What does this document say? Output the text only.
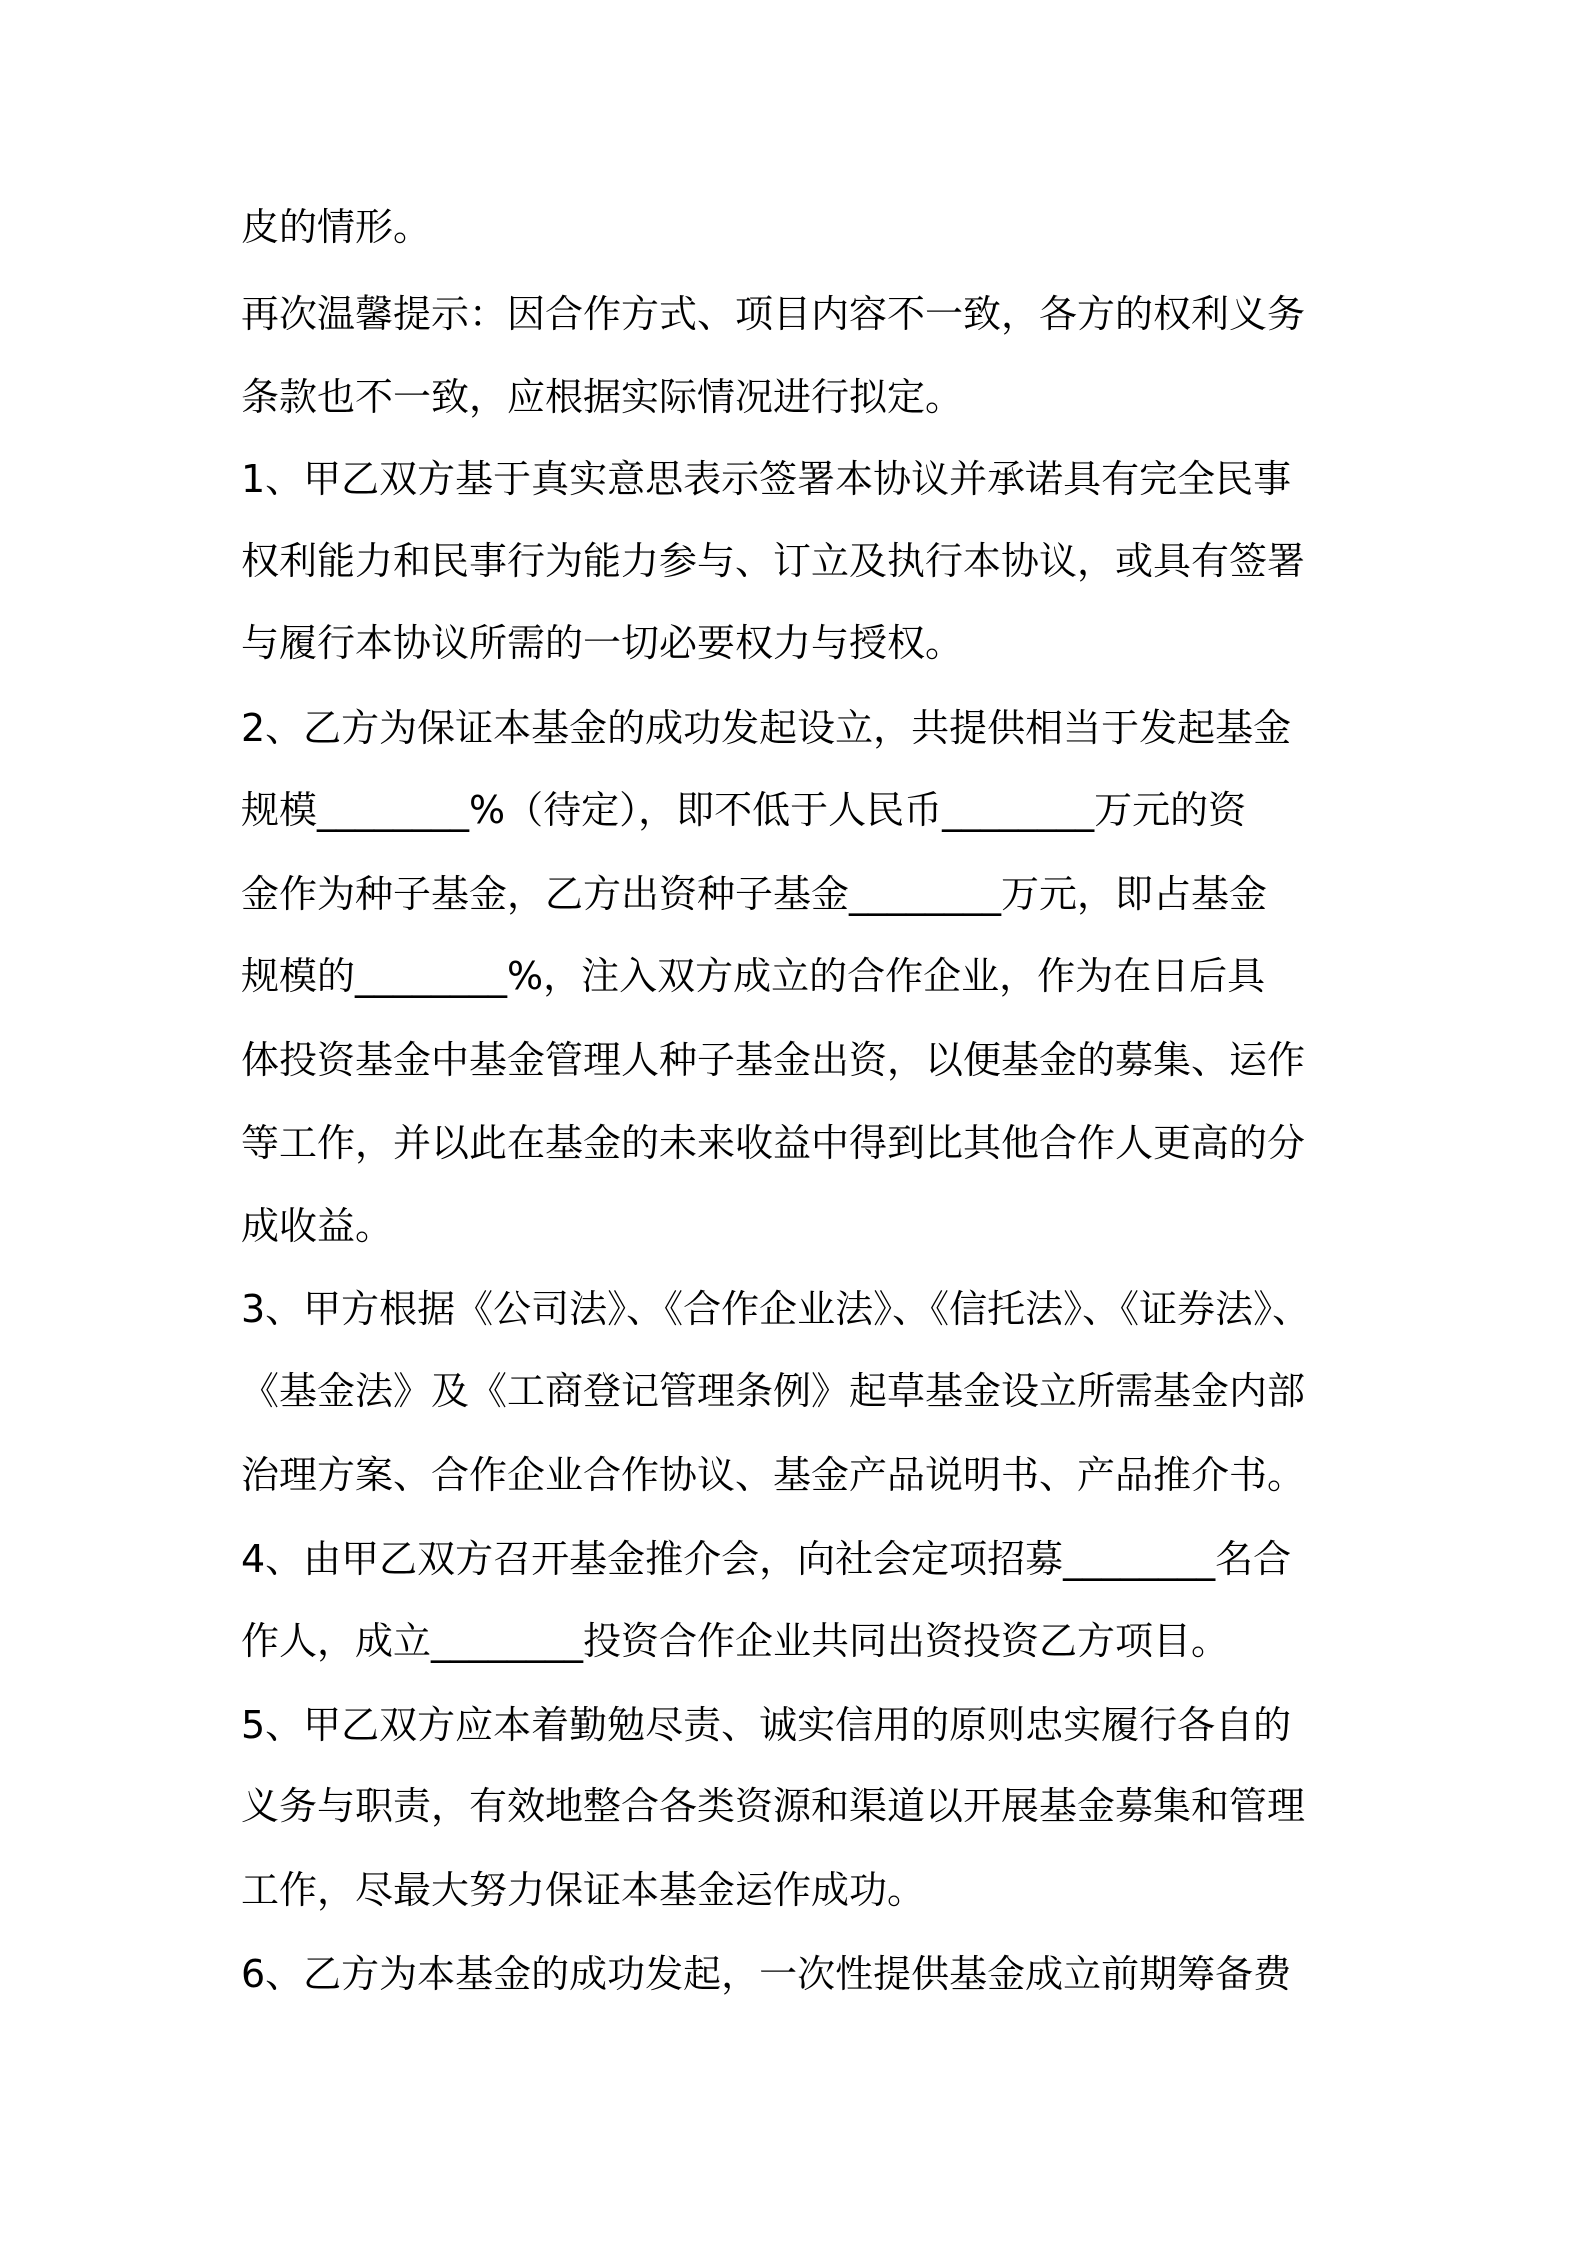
皮的情形。
再次温馨提示：因合作方式、项目内容不一致，各方的权利义务
条款也不一致，应根据实际情况进行拟定。
1、甲乙双方基于真实意思表示签署本协议并承诺具有完全民事
权利能力和民事行为能力参与、订立及执行本协议，或具有签署
与履行本协议所需的一切必要权力与授权。
2、乙方为保证本基金的成功发起设立，共提供相当于发起基金
规模________%（待定），即不低于人民币________万元的资
金作为种子基金，乙方出资种子基金________万元，即占基金
规模的________%，注入双方成立的合作企业，作为在日后具
体投资基金中基金管理人种子基金出资，以便基金的募集、运作
等工作，并以此在基金的未来收益中得到比其他合作人更高的分
成收益。
3、甲方根据《公司法》、《合作企业法》、《信托法》、《证券法》、
《基金法》及《工商登记管理条例》起草基金设立所需基金内部
治理方案、合作企业合作协议、基金产品说明书、产品推介书。
4、由甲乙双方召开基金推介会，向社会定项招募________名合
作人，成立________投资合作企业共同出资投资乙方项目。
5、甲乙双方应本着勤勉尽责、诚实信用的原则忠实履行各自的
义务与职责，有效地整合各类资源和渠道以开展基金募集和管理
工作，尽最大努力保证本基金运作成功。
6、乙方为本基金的成功发起，一次性提供基金成立前期筹备费
